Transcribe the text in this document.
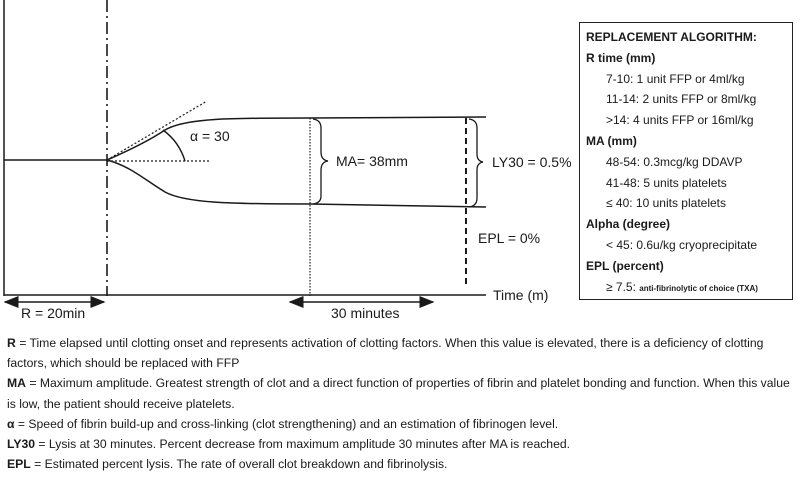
α = 30
MA= 38mm	LY30 = 0.5%
EPL = 0%
Time (m)
R = 20min	30 minutes
REPLACEMENT ALGORITHM:
R time (mm)
7-10: 1 unit FFP or 4ml/kg
11-14: 2 units FFP or 8ml/kg
>14: 4 units FFP or 16ml/kg
MA (mm)
48-54: 0.3mcg/kg DDAVP
41-48: 5 units platelets
≤ 40: 10 units platelets
Alpha (degree)
< 45: 0.6u/kg cryoprecipitate
EPL (percent)
≥ 7.5: anti-fibrinolytic of choice (TXA)
R = Time elapsed until clotting onset and represents activation of clotting factors. When this value is elevated, there is a deficiency of clotting factors, which should be replaced with FFP
MA = Maximum amplitude. Greatest strength of clot and a direct function of properties of fibrin and platelet bonding and function. When this value is low, the patient should receive platelets.
α = Speed of fibrin build-up and cross-linking (clot strengthening) and an estimation of fibrinogen level.
LY30 = Lysis at 30 minutes. Percent decrease from maximum amplitude 30 minutes after MA is reached.
EPL = Estimated percent lysis. The rate of overall clot breakdown and fibrinolysis.
